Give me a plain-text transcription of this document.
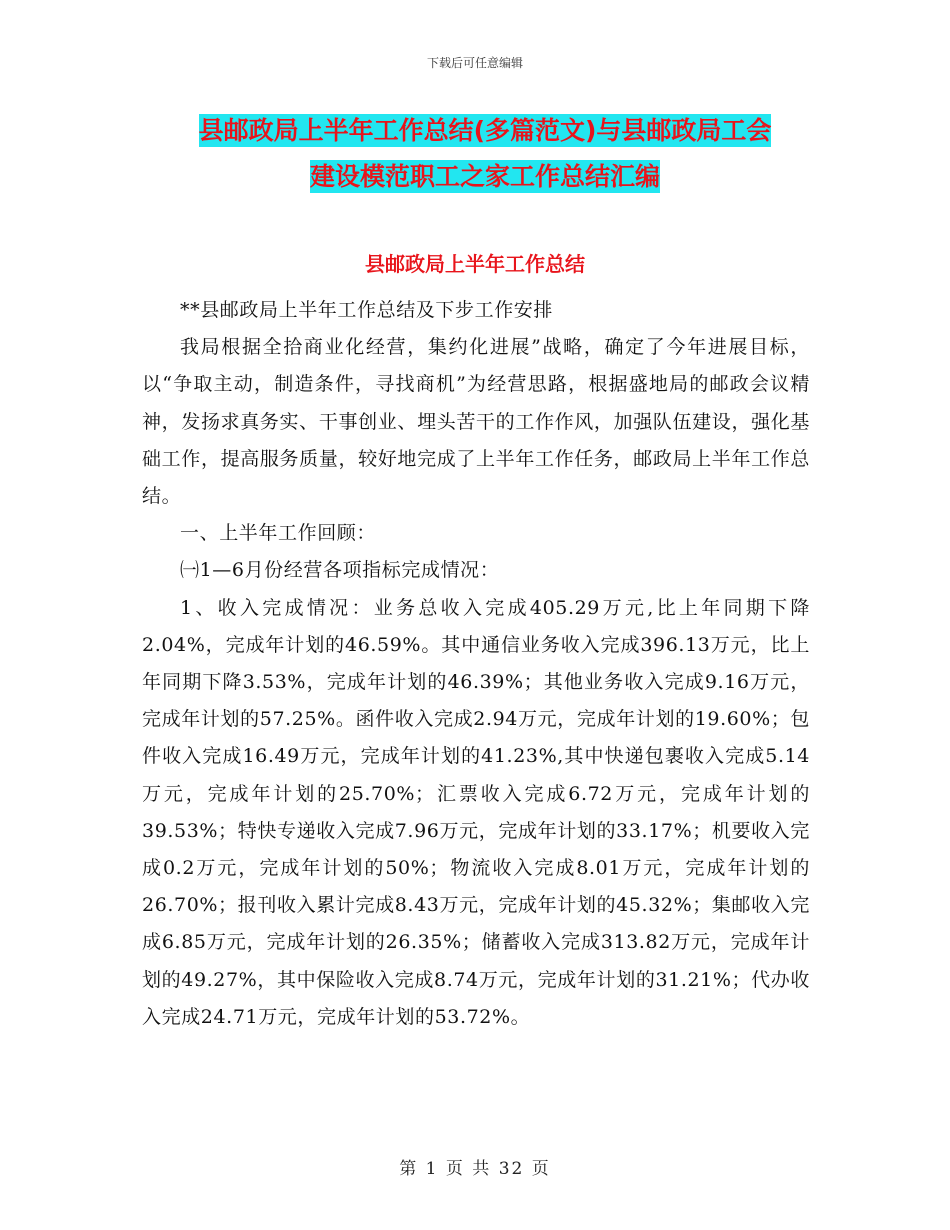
下载后可任意编辑
县邮政局上半年工作总结(多篇范文)与县邮政局工会
建设模范职工之家工作总结汇编
县邮政局上半年工作总结

**县邮政局上半年工作总结及下步工作安排

我局根据全拾商业化经营，集约化进展”战略，确定了今年进展目标，以“争取主动，制造条件，寻找商机”为经营思路，根据盛地局的邮政会议精神，发扬求真务实、干事创业、埋头苦干的工作作风，加强队伍建设，强化基础工作，提高服务质量，较好地完成了上半年工作任务，邮政局上半年工作总结。

一、上半年工作回顾：

㈠1—6月份经营各项指标完成情况：

1、收入完成情况：业务总收入完成405.29万元,比上年同期下降2.04%，完成年计划的46.59%。其中通信业务收入完成396.13万元，比上年同期下降3.53%，完成年计划的46.39%；其他业务收入完成9.16万元，完成年计划的57.25%。函件收入完成2.94万元，完成年计划的19.60%；包件收入完成16.49万元，完成年计划的41.23%,其中快递包裹收入完成5.14万元，完成年计划的25.70%；汇票收入完成6.72万元，完成年计划的39.53%；特快专递收入完成7.96万元，完成年计划的33.17%；机要收入完成0.2万元，完成年计划的50%；物流收入完成8.01万元，完成年计划的26.70%；报刊收入累计完成8.43万元，完成年计划的45.32%；集邮收入完成6.85万元，完成年计划的26.35%；储蓄收入完成313.82万元，完成年计划的49.27%，其中保险收入完成8.74万元，完成年计划的31.21%；代办收入完成24.71万元，完成年计划的53.72%。

第 1 页 共 32 页
